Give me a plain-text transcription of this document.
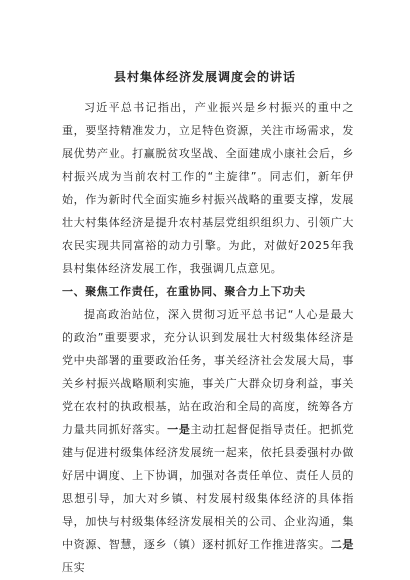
县村集体经济发展调度会的讲话

习近平总书记指出，产业振兴是乡村振兴的重中之重，要坚持精准发力，立足特色资源，关注市场需求，发展优势产业。打赢脱贫攻坚战、全面建成小康社会后，乡村振兴成为当前农村工作的“主旋律”。同志们，新年伊始，作为新时代全面实施乡村振兴战略的重要支撑，发展壮大村集体经济是提升农村基层党组织组织力、引领广大农民实现共同富裕的动力引擎。为此，对做好2025年我县村集体经济发展工作，我强调几点意见。

一、聚焦工作责任，在重协同、聚合力上下功夫

提高政治站位，深入贯彻习近平总书记“人心是最大的政治”重要要求，充分认识到发展壮大村级集体经济是党中央部署的重要政治任务，事关经济社会发展大局，事关乡村振兴战略顺利实施，事关广大群众切身利益，事关党在农村的执政根基，站在政治和全局的高度，统筹各方力量共同抓好落实。一是主动扛起督促指导责任。把抓党建与促进村级集体经济发展统一起来，依托县委强村办做好居中调度、上下协调，加强对各责任单位、责任人员的思想引导，加大对乡镇、村发展村级集体经济的具体指导，加快与村级集体经济发展相关的公司、企业沟通，集中资源、智慧，逐乡（镇）逐村抓好工作推进落实。二是压实
